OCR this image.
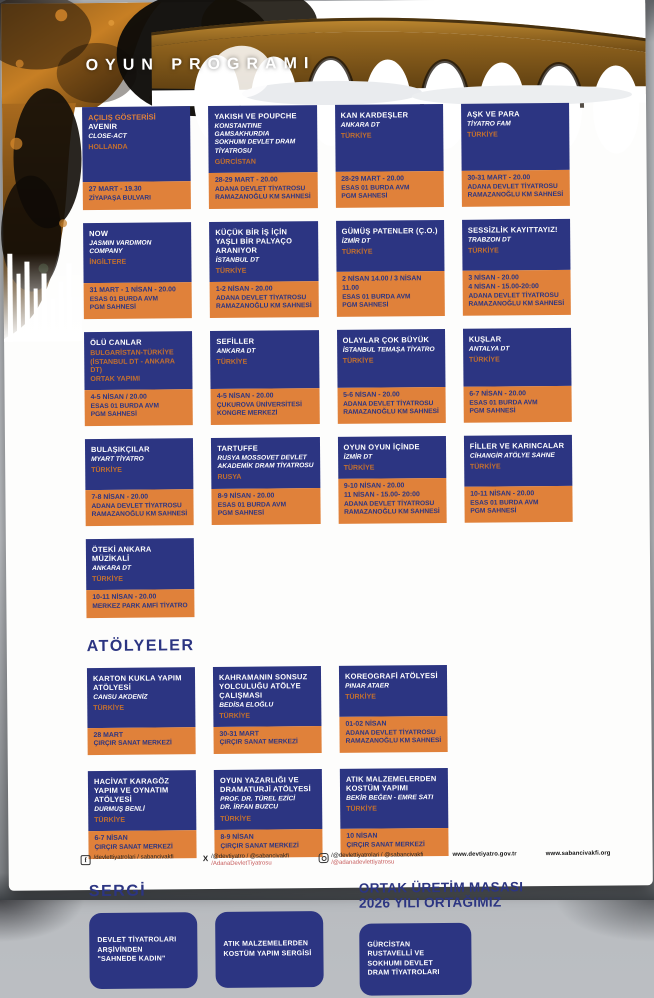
OYUN PROGRAMI
AÇILIŞ GÖSTERİSİ
AVENIR
CLOSE-ACT
HOLLANDA
27 MART - 19.30
ZİYAPAŞA BULVARI
YAKISH VE POUPCHE
KONSTANTINE GAMSAKHURDIA
SOKHUMI DEVLET DRAM
TİYATROSU
GÜRCİSTAN
28-29 MART - 20.00
ADANA DEVLET TİYATROSU
RAMAZANOĞLU KM SAHNESİ
KAN KARDEŞLER
ANKARA DT
TÜRKİYE
28-29 MART - 20.00
ESAS 01 BURDA AVM
PGM SAHNESİ
AŞK VE PARA
TİYATRO FAM
TÜRKİYE
30-31 MART - 20.00
ADANA DEVLET TİYATROSU
RAMAZANOĞLU KM SAHNESİ
NOW
JASMIN VARDIMON COMPANY
İNGİLTERE
31 MART - 1 NİSAN - 20.00
ESAS 01 BURDA AVM
PGM SAHNESİ
KÜÇÜK BİR İŞ İÇİN YAŞLI BİR PALYAÇO ARANIYOR
İSTANBUL DT
TÜRKİYE
1-2 NİSAN - 20.00
ADANA DEVLET TİYATROSU
RAMAZANOĞLU KM SAHNESİ
GÜMÜŞ PATENLER (Ç.O.)
İZMİR DT
TÜRKİYE
2 NİSAN 14.00 / 3 NİSAN 11.00
ESAS 01 BURDA AVM
PGM SAHNESİ
SESSİZLİK KAYITTAYIZ!
TRABZON DT
TÜRKİYE
3 NİSAN - 20.00
4 NİSAN - 15.00-20:00
ADANA DEVLET TİYATROSU
RAMAZANOĞLU KM SAHNESİ
ÖLÜ CANLAR
BULGARİSTAN-TÜRKİYE
(İSTANBUL DT - ANKARA DT)
ORTAK YAPIMI
4-5 NİSAN / 20.00
ESAS 01 BURDA AVM
PGM SAHNESİ
SEFİLLER
ANKARA DT
TÜRKİYE
4-5 NİSAN - 20.00
ÇUKUROVA ÜNİVERSİTESİ
KONGRE MERKEZİ
OLAYLAR ÇOK BÜYÜK
İSTANBUL TEMAŞA TİYATRO
TÜRKİYE
5-6 NİSAN - 20.00
ADANA DEVLET TİYATROSU
RAMAZANOĞLU KM SAHNESİ
KUŞLAR
ANTALYA DT
TÜRKİYE
6-7 NİSAN - 20.00
ESAS 01 BURDA AVM
PGM SAHNESİ
BULAŞIKÇILAR
MYART TİYATRO
TÜRKİYE
7-8 NİSAN - 20.00
ADANA DEVLET TİYATROSU
RAMAZANOĞLU KM SAHNESİ
TARTUFFE
RUSYA MOSSOVET DEVLET
AKADEMİK DRAM TİYATROSU
RUSYA
8-9 NİSAN - 20.00
ESAS 01 BURDA AVM
PGM SAHNESİ
OYUN OYUN İÇİNDE
İZMİR DT
TÜRKİYE
9-10 NİSAN - 20.00
11 NİSAN - 15.00- 20:00
ADANA DEVLET TİYATROSU
RAMAZANOĞLU KM SAHNESİ
FİLLER VE KARINCALAR
CİHANGİR ATÖLYE SAHNE
TÜRKİYE
10-11 NİSAN - 20.00
ESAS 01 BURDA AVM
PGM SAHNESİ
ÖTEKİ ANKARA MÜZİKALİ
ANKARA DT
TÜRKİYE
10-11 NİSAN - 20.00
MERKEZ PARK AMFİ TİYATRO
ATÖLYELER
KARTON KUKLA YAPIM ATÖLYESİ
CANSU AKDENİZ
TÜRKİYE
28 MART
ÇIRÇIR SANAT MERKEZİ
KAHRAMANIN SONSUZ YOLCULUĞU ATÖLYE ÇALIŞMASI
BEDİSA ELOĞLU
TÜRKİYE
30-31 MART
ÇIRÇIR SANAT MERKEZİ
KOREOGRAFİ ATÖLYESİ
PINAR ATAER
TÜRKİYE
01-02 NİSAN
ADANA DEVLET TİYATROSU
RAMAZANOĞLU KM SAHNESİ
HACİVAT KARAGÖZ YAPIM VE OYNATIM ATÖLYESİ
DURMUŞ BENLİ
TÜRKİYE
6-7 NİSAN
ÇIRÇIR SANAT MERKEZİ
OYUN YAZARLIĞI VE DRAMATURJİ ATÖLYESİ
PROF. DR. TÜREL EZİCİ
DR. İRFAN BUZCU
TÜRKİYE
8-9 NİSAN
ÇIRÇIR SANAT MERKEZİ
ATIK MALZEMELERDEN KOSTÜM YAPIMI
BEKİR BEĞEN - EMRE SATI
TÜRKİYE
10 NİSAN
ÇIRÇIR SANAT MERKEZİ
SERGİ
DEVLET TİYATROLARI
ARŞİVİNDEN
"SAHNEDE KADIN"
ATIK MALZEMELERDEN
KOSTÜM YAPIM SERGİSİ
ORTAK ÜRETİM MASASI
2026 YILI ORTAĞIMIZ
GÜRCİSTAN
RUSTAVELLİ VE
SOKHUMI DEVLET
DRAM TİYATROLARI
f	/devlettiyatrolari / sabancivakfi	X /@devtiyatro / @sabancivakfi
/AdanaDevletTiyatrosu
/@devlettiyatrolari / @sabancivakfi
/@adanadevlettiyatrosu
www.devtiyatro.gov.tr	www.sabancivakfi.org
